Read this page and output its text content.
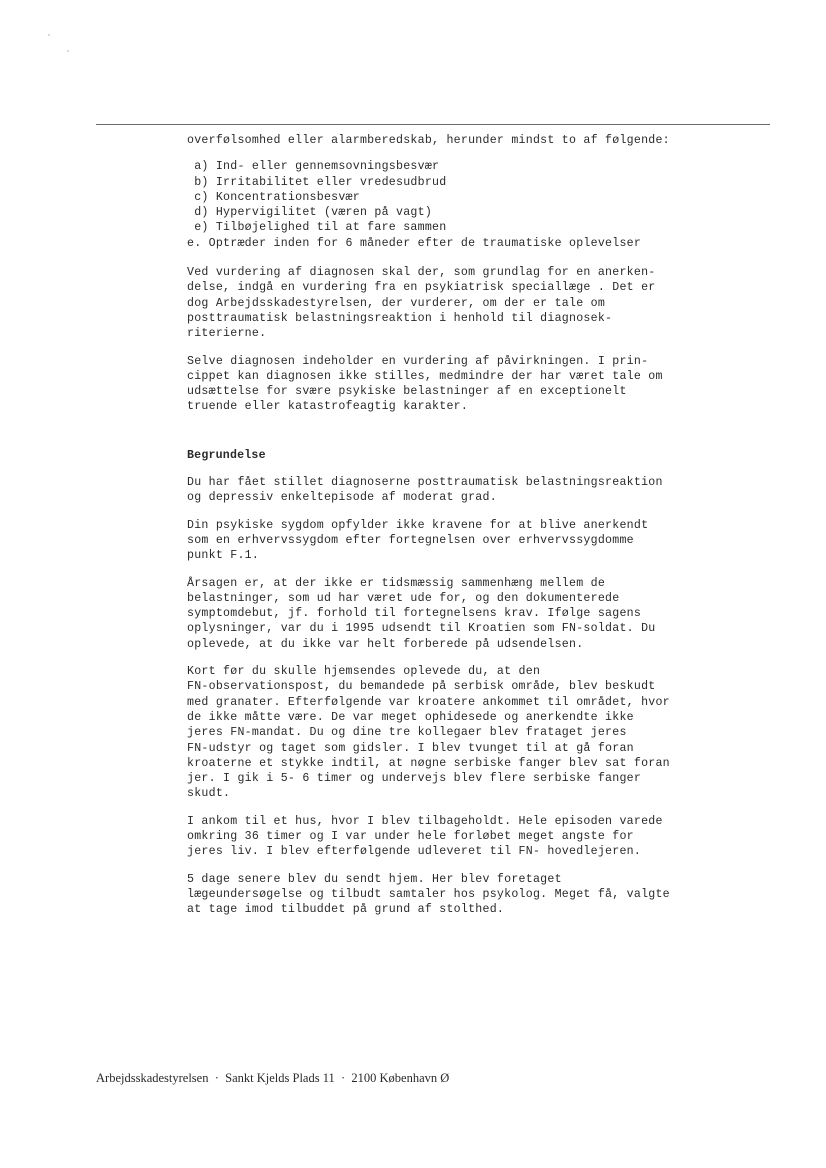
overfølsomhed eller alarmberedskab, herunder mindst to af følgende:
a) Ind- eller gennemsovningsbesvær
b) Irritabilitet eller vredesudbrud
c) Koncentrationsbesvær
d) Hypervigilitet (væren på vagt)
e) Tilbøjelighed til at fare sammen
e. Optræder inden for 6 måneder efter de traumatiske oplevelser
Ved vurdering af diagnosen skal der, som grundlag for en anerken-
delse, indgå en vurdering fra en psykiatrisk speciallæge . Det er
dog Arbejdsskadestyrelsen, der vurderer, om der er tale om
posttraumatisk belastningsreaktion i henhold til diagnosek-
riterierne.
Selve diagnosen indeholder en vurdering af påvirkningen. I prin-
cippet kan diagnosen ikke stilles, medmindre der har været tale om
udsættelse for svære psykiske belastninger af en exceptionelt
truende eller katastrofeagtig karakter.
Begrundelse
Du har fået stillet diagnoserne posttraumatisk belastningsreaktion
og depressiv enkeltepisode af moderat grad.
Din psykiske sygdom opfylder ikke kravene for at blive anerkendt
som en erhvervssygdom efter fortegnelsen over erhvervssygdomme
punkt F.1.
Årsagen er, at der ikke er tidsmæssig sammenhæng mellem de
belastninger, som ud har været ude for, og den dokumenterede
symptomdebut, jf. forhold til fortegnelsens krav. Ifølge sagens
oplysninger, var du i 1995 udsendt til Kroatien som FN-soldat. Du
oplevede, at du ikke var helt forberede på udsendelsen.
Kort før du skulle hjemsendes oplevede du, at den
FN-observationspost, du bemandede på serbisk område, blev beskudt
med granater. Efterfølgende var kroatere ankommet til området, hvor
de ikke måtte være. De var meget ophidesede og anerkendte ikke
jeres FN-mandat. Du og dine tre kollegaer blev frataget jeres
FN-udstyr og taget som gidsler. I blev tvunget til at gå foran
kroaterne et stykke indtil, at nøgne serbiske fanger blev sat foran
jer. I gik i 5- 6 timer og undervejs blev flere serbiske fanger
skudt.
I ankom til et hus, hvor I blev tilbageholdt. Hele episoden varede
omkring 36 timer og I var under hele forløbet meget angste for
jeres liv. I blev efterfølgende udleveret til FN- hovedlejeren.
5 dage senere blev du sendt hjem. Her blev foretaget
lægeundersøgelse og tilbudt samtaler hos psykolog. Meget få, valgte
at tage imod tilbuddet på grund af stolthed.
Arbejdsskadestyrelsen  ·  Sankt Kjelds Plads 11  ·  2100 København Ø
